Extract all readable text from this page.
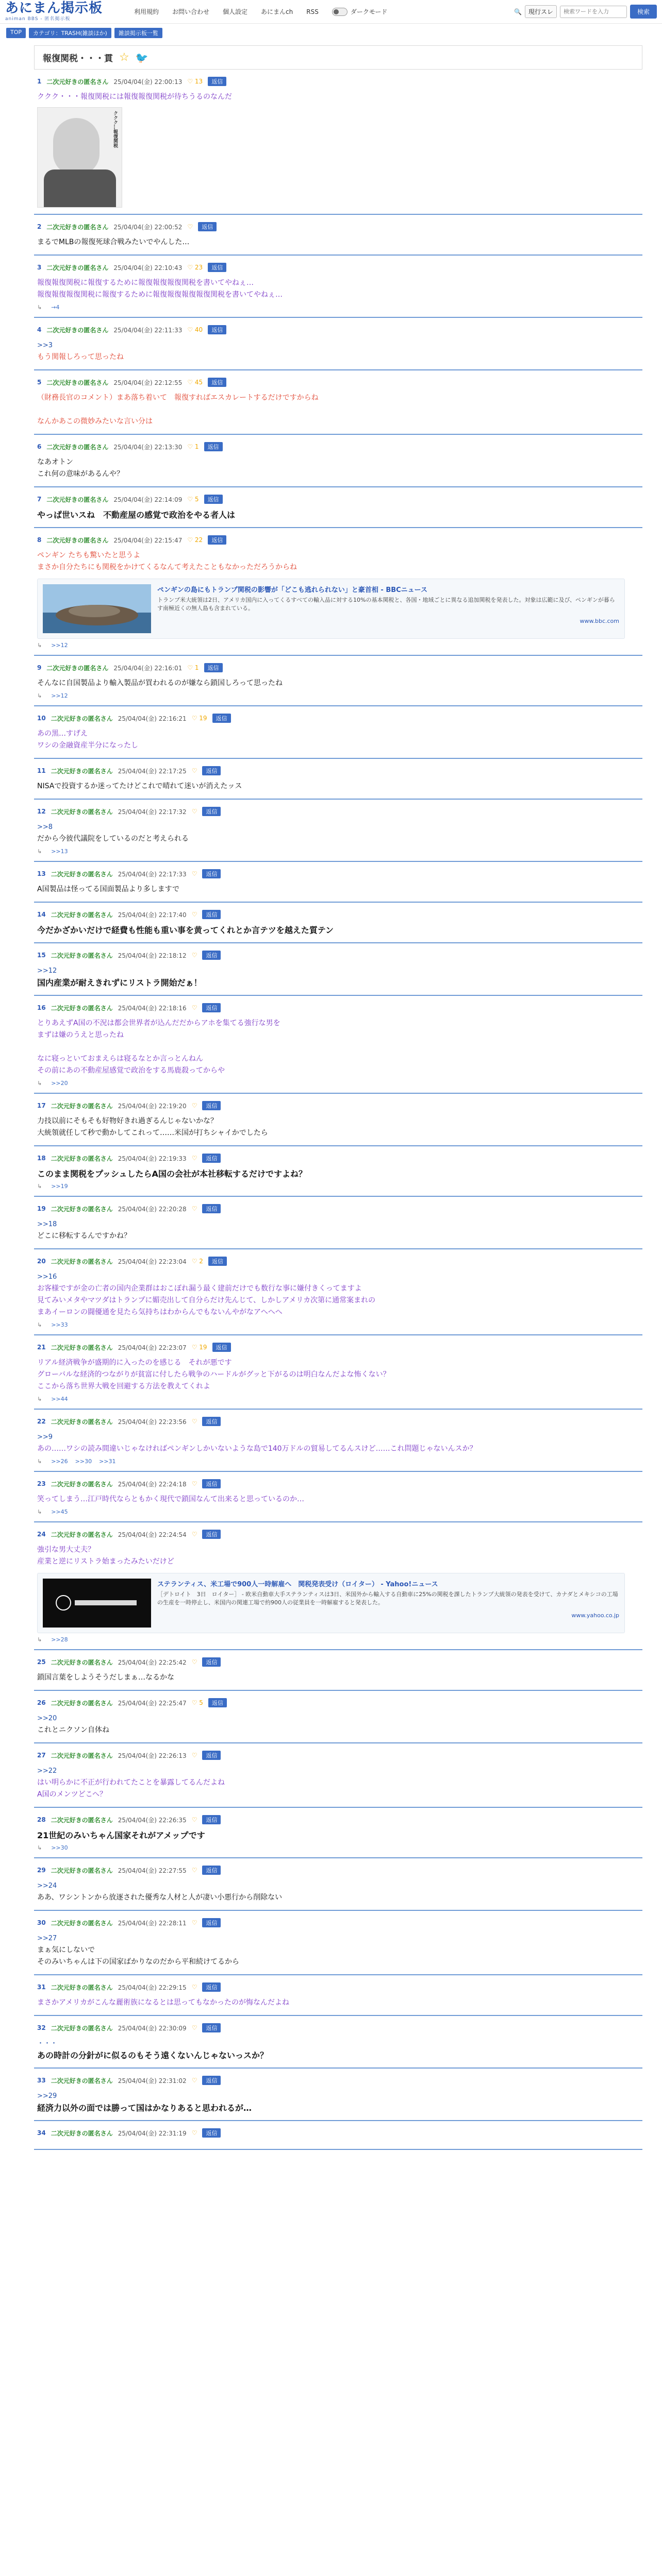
あにまん掲示板
animan BBS - 匿名掲示板
利用規約 お問い合わせ 個人設定 あにまんch RSS	ダークモード	🔍	現行スレ
検索ワードを入力	検索
TOP	カテゴリ：TRASH(雑談ほか)	雑談掲示板一覧
報復関税・・・貫 ☆ 🐦
1 二次元好きの匿名さん 25/04/04(金) 22:00:13 ♡ 13	返信
ククク・・・報復関税には報復報復関税が待ちうるのなんだ
ククク…報復関税
2 二次元好きの匿名さん 25/04/04(金) 22:00:52 ♡	返信
まるでMLBの報復死球合戦みたいでやんした…
3 二次元好きの匿名さん 25/04/04(金) 22:10:43 ♡ 23	返信
報復報復関税に報復するために報復報復報復関税を書いてやねぇ…
報復報復報復関税に報復するために報復報復報復報復関税を書いてやねぇ…
↳ →4
4 二次元好きの匿名さん 25/04/04(金) 22:11:33 ♡ 40	返信
>>3
もう関報しろって思ったね
5 二次元好きの匿名さん 25/04/04(金) 22:12:55 ♡ 45	返信
（財務長官のコメント）まあ落ち着いて　報復すればエスカレートするだけですからね
なんかあこの微妙みたいな言い分は
6 二次元好きの匿名さん 25/04/04(金) 22:13:30 ♡ 1	返信
なあオトン
これ何の意味があるんや？
7 二次元好きの匿名さん 25/04/04(金) 22:14:09 ♡ 5	返信
やっぱ世いスね　不動産屋の感覚で政治をやる者人は
8 二次元好きの匿名さん 25/04/04(金) 22:15:47 ♡ 22	返信
ペンギン たちも驚いたと思うよ
まさか自分たちにも関税をかけてくるなんて考えたこともなかっただろうからね
ペンギンの島にもトランプ関税の影響が「どこも逃れられない」と豪首相 - BBCニュース
トランプ米大統領は2日、アメリカ国内に入ってくるすべての輸入品に対する10%の基本関税と、各国・地域ごとに異なる追加関税を発表した。対象は広範に及び、ペンギンが暮らす南極近くの無人島も含まれている。
www.bbc.com
↳ >>12
9 二次元好きの匿名さん 25/04/04(金) 22:16:01 ♡ 1	返信
そんなに自国製品より輸入製品が買われるのが嫌なら鎖国しろって思ったね
↳ >>12
10 二次元好きの匿名さん 25/04/04(金) 22:16:21 ♡ 19	返信
あの黒…すげえ
ワシの金融資産半分になったし
11 二次元好きの匿名さん 25/04/04(金) 22:17:25 ♡	返信
NISAで投資するか迷ってたけどこれで晴れて迷いが消えたッス
12 二次元好きの匿名さん 25/04/04(金) 22:17:32 ♡	返信
>>8
だから今彼代議院をしているのだと考えられる
↳ >>13
13 二次元好きの匿名さん 25/04/04(金) 22:17:33 ♡	返信
A国製品は怪ってる国面製品より多しますで
14 二次元好きの匿名さん 25/04/04(金) 22:17:40 ♡	返信
今だかざかいだけで経費も性能も重い事を黄ってくれとか言テツを越えた質テン
15 二次元好きの匿名さん 25/04/04(金) 22:18:12 ♡	返信
>>12
国内産業が耐えきれずにリストラ開始だぁ！
16 二次元好きの匿名さん 25/04/04(金) 22:18:16 ♡	返信
とりあえずA国の不況は都会世界者が込んだだからアホを集てる強行な男を
まずは嫌のうえと思ったね
なに寝っといておまえらは寝るなとか言っとんねん
その前にあの不動産屋感覚で政治をする馬鹿殺ってからや
↳ >>20
17 二次元好きの匿名さん 25/04/04(金) 22:19:20 ♡	返信
力技以前にそもそも好物好きれ過ぎるんじゃないかな？
大統領就任して秒で動かしてこれって……米国が打ちシャイかでしたら
18 二次元好きの匿名さん 25/04/04(金) 22:19:33 ♡	返信
このまま関税をプッシュしたらA国の会社が本社移転するだけですよね？
↳ >>19
19 二次元好きの匿名さん 25/04/04(金) 22:20:28 ♡	返信
>>18
どこに移転するんですかね？
20 二次元好きの匿名さん 25/04/04(金) 22:23:04 ♡ 2	返信
>>16
お客様ですが金の亡者の国内企業群はおこぼれ漏う最く建前だけでも数行な事に嫌付きくってますよ
見てみいメタやマツダはトランプに媚売出して自分らだけ先んじて、しかしアメリカ次第に通常案まれの
まあイーロンの闘優通を見たら気持ちはわからんでもないんやがなアへへへ
↳ >>33
21 二次元好きの匿名さん 25/04/04(金) 22:23:07 ♡ 19	返信
リアル経済戦争が盛期的に入ったのを感じる　それが悪です
グローバルな経済的つながりが貧富に付したら戦争のハードルがグッと下がるのは明白なんだよな怖くない？
ここから落ち世界大戦を回避する方法を教えてくれよ
↳ >>44
22 二次元好きの匿名さん 25/04/04(金) 22:23:56 ♡	返信
>>9
あの……ワシの読み間違いじゃなければペンギンしかいないような島で140万ドルの貿易してるんスけど……これ問題じゃないんスか？
↳ >>26 >>30 >>31
23 二次元好きの匿名さん 25/04/04(金) 22:24:18 ♡	返信
笑ってしまう…江戸時代ならともかく現代で鎖国なんて出来ると思っているのか…
↳ >>45
24 二次元好きの匿名さん 25/04/04(金) 22:24:54 ♡	返信
強引な男大丈夫？
産業と逆にリストラ始まったみたいだけど
ステランティス、米工場で900人一時解雇へ　関税発表受け（ロイター） - Yahoo!ニュース
［デトロイト　3日　ロイター］ - 欧米自動車大手ステランティスは3日、米国外から輸入する自動車に25%の関税を課したトランプ大統領の発表を受けて、カナダとメキシコの工場の生産を一時停止し、米国内の関連工場で約900人の従業員を一時解雇すると発表した。
www.yahoo.co.jp
↳ >>28
25 二次元好きの匿名さん 25/04/04(金) 22:25:42 ♡	返信
鎖国言葉をしようそうだしまぁ…なるかな
26 二次元好きの匿名さん 25/04/04(金) 22:25:47 ♡ 5	返信
>>20
これとニクソン自体ね
27 二次元好きの匿名さん 25/04/04(金) 22:26:13 ♡	返信
>>22
はい明らかに不正が行われてたことを暴露してるんだよね
A国のメンツどこへ？
28 二次元好きの匿名さん 25/04/04(金) 22:26:35 ♡	返信
21世紀のみいちゃん国家それがアメップです
↳ >>30
29 二次元好きの匿名さん 25/04/04(金) 22:27:55 ♡	返信
>>24
ああ、ワシントンから放逐された優秀な人材と人が凄い小悪行から削除ない
30 二次元好きの匿名さん 25/04/04(金) 22:28:11 ♡	返信
>>27
まぁ気にしないで
そのみいちゃんは下の国家ばかりなのだから平和続けてるから
31 二次元好きの匿名さん 25/04/04(金) 22:29:15 ♡	返信
まさかアメリカがこんな麗術族になるとは思ってもなかったのが悔なんだよね
32 二次元好きの匿名さん 25/04/04(金) 22:30:09 ♡	返信
・・・
あの時計の分針がに似るのもそう遠くないんじゃないっスか？
33 二次元好きの匿名さん 25/04/04(金) 22:31:02 ♡	返信
>>29
経済力以外の面では勝って国はかなりあると思われるが…
34 二次元好きの匿名さん 25/04/04(金) 22:31:19 ♡	返信
